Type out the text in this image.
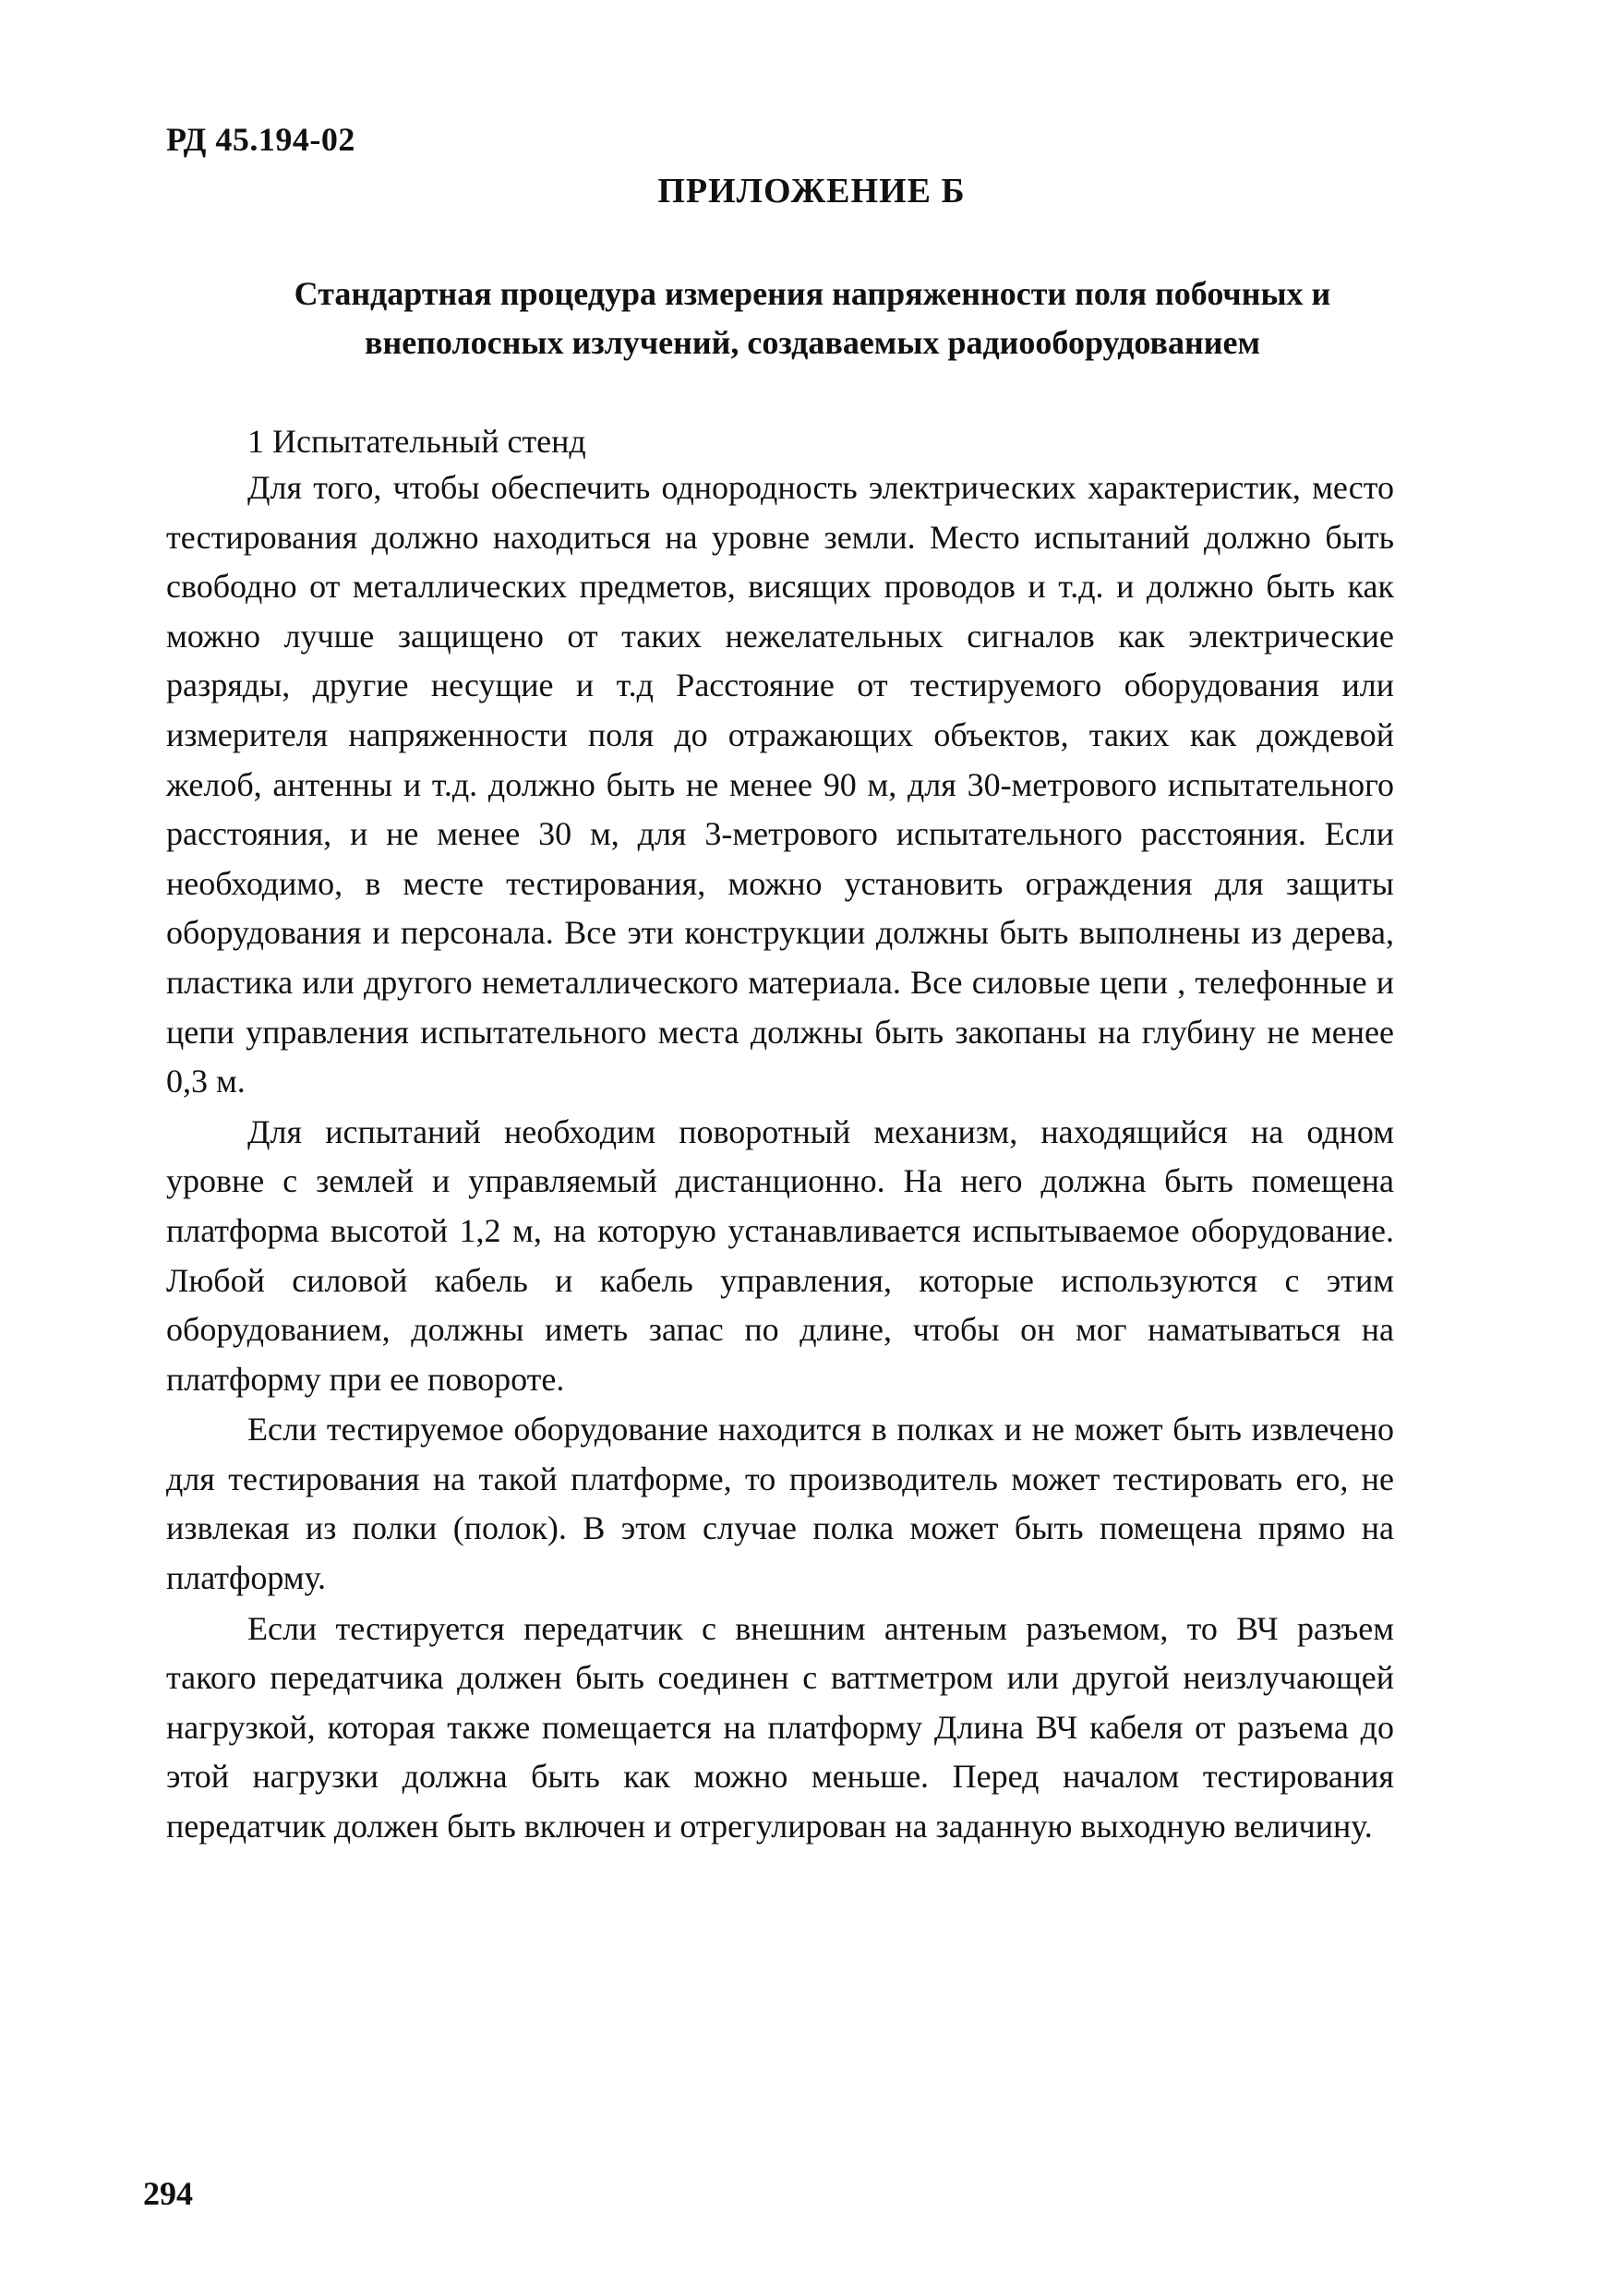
РД 45.194-02
ПРИЛОЖЕНИЕ Б
Стандартная процедура измерения напряженности поля побочных и внеполосных излучений, создаваемых радиооборудованием
1 Испытательный стенд

Для того, чтобы обеспечить однородность электрических характеристик, место тестирования должно находиться на уровне земли. Место испытаний должно быть свободно от металлических предметов, висящих проводов и т.д. и должно быть как можно лучше защищено от таких нежелательных сигналов как электрические разряды, другие несущие и т.д Расстояние от тестируемого оборудования или измерителя напряженности поля до отражающих объектов, таких как дождевой желоб, антенны и т.д. должно быть не менее 90 м, для 30-метрового испытательного расстояния, и не менее 30 м, для 3-метрового испытательного расстояния. Если необходимо, в месте тестирования, можно установить ограждения для защиты оборудования и персонала. Все эти конструкции должны быть выполнены из дерева, пластика или другого неметаллического материала. Все силовые цепи , телефонные и цепи управления испытательного места должны быть закопаны на глубину не менее 0,3 м.

Для испытаний необходим поворотный механизм, находящийся на одном уровне с землей и управляемый дистанционно. На него должна быть помещена платформа высотой 1,2 м, на которую устанавливается испытываемое оборудование. Любой силовой кабель и кабель управления, которые используются с этим оборудованием, должны иметь запас по длине, чтобы он мог наматываться на платформу при ее повороте.

Если тестируемое оборудование находится в полках и не может быть извлечено для тестирования на такой платформе, то производитель может тестировать его, не извлекая из полки (полок). В этом случае полка может быть помещена прямо на платформу.

Если тестируется передатчик с внешним антеным разъемом, то ВЧ разъем такого передатчика должен быть соединен с ваттметром или другой неизлучающей нагрузкой, которая также помещается на платформу Длина ВЧ кабеля от разъема до этой нагрузки должна быть как можно меньше. Перед началом тестирования передатчик должен быть включен и отрегулирован на заданную выходную величину.

294
